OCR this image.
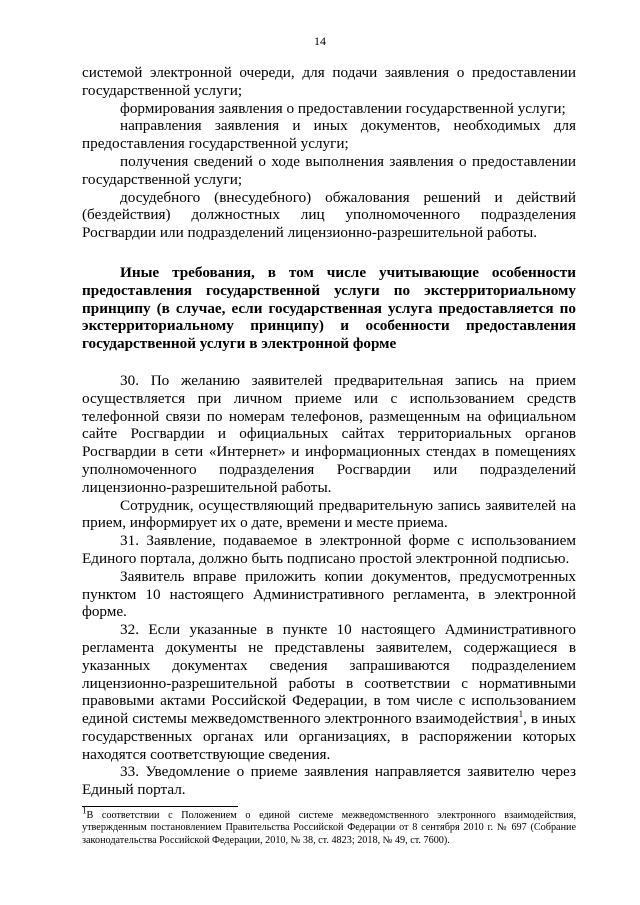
14

системой электронной очереди, для подачи заявления о предоставлении государственной услуги;

формирования заявления о предоставлении государственной услуги;

направления заявления и иных документов, необходимых для предоставления государственной услуги;

получения сведений о ходе выполнения заявления о предоставлении государственной услуги;

досудебного (внесудебного) обжалования решений и действий (бездействия) должностных лиц уполномоченного подразделения Росгвардии или подразделений лицензионно-разрешительной работы.

Иные требования, в том числе учитывающие особенности предоставления государственной услуги по экстерриториальному принципу (в случае, если государственная услуга предоставляется по экстерриториальному принципу) и особенности предоставления государственной услуги в электронной форме

30. По желанию заявителей предварительная запись на прием осуществляется при личном приеме или с использованием средств телефонной связи по номерам телефонов, размещенным на официальном сайте Росгвардии и официальных сайтах территориальных органов Росгвардии в сети «Интернет» и информационных стендах в помещениях уполномоченного подразделения Росгвардии или подразделений лицензионно-разрешительной работы.

Сотрудник, осуществляющий предварительную запись заявителей на прием, информирует их о дате, времени и месте приема.

31. Заявление, подаваемое в электронной форме с использованием Единого портала, должно быть подписано простой электронной подписью.

Заявитель вправе приложить копии документов, предусмотренных пунктом 10 настоящего Административного регламента, в электронной форме.

32. Если указанные в пункте 10 настоящего Административного регламента документы не представлены заявителем, содержащиеся в указанных документах сведения запрашиваются подразделением лицензионно-разрешительной работы в соответствии с нормативными правовыми актами Российской Федерации, в том числе с использованием единой системы межведомственного электронного взаимодействия$^1$, в иных государственных органах или организациях, в распоряжении которых находятся соответствующие сведения.

33. Уведомление о приеме заявления направляется заявителю через Единый портал.

$^1$В соответствии с Положением о единой системе межведомственного электронного взаимодействия, утвержденным постановлением Правительства Российской Федерации от 8 сентября 2010 г. № 697 (Собрание законодательства Российской Федерации, 2010, № 38, ст. 4823; 2018, № 49, ст. 7600).
